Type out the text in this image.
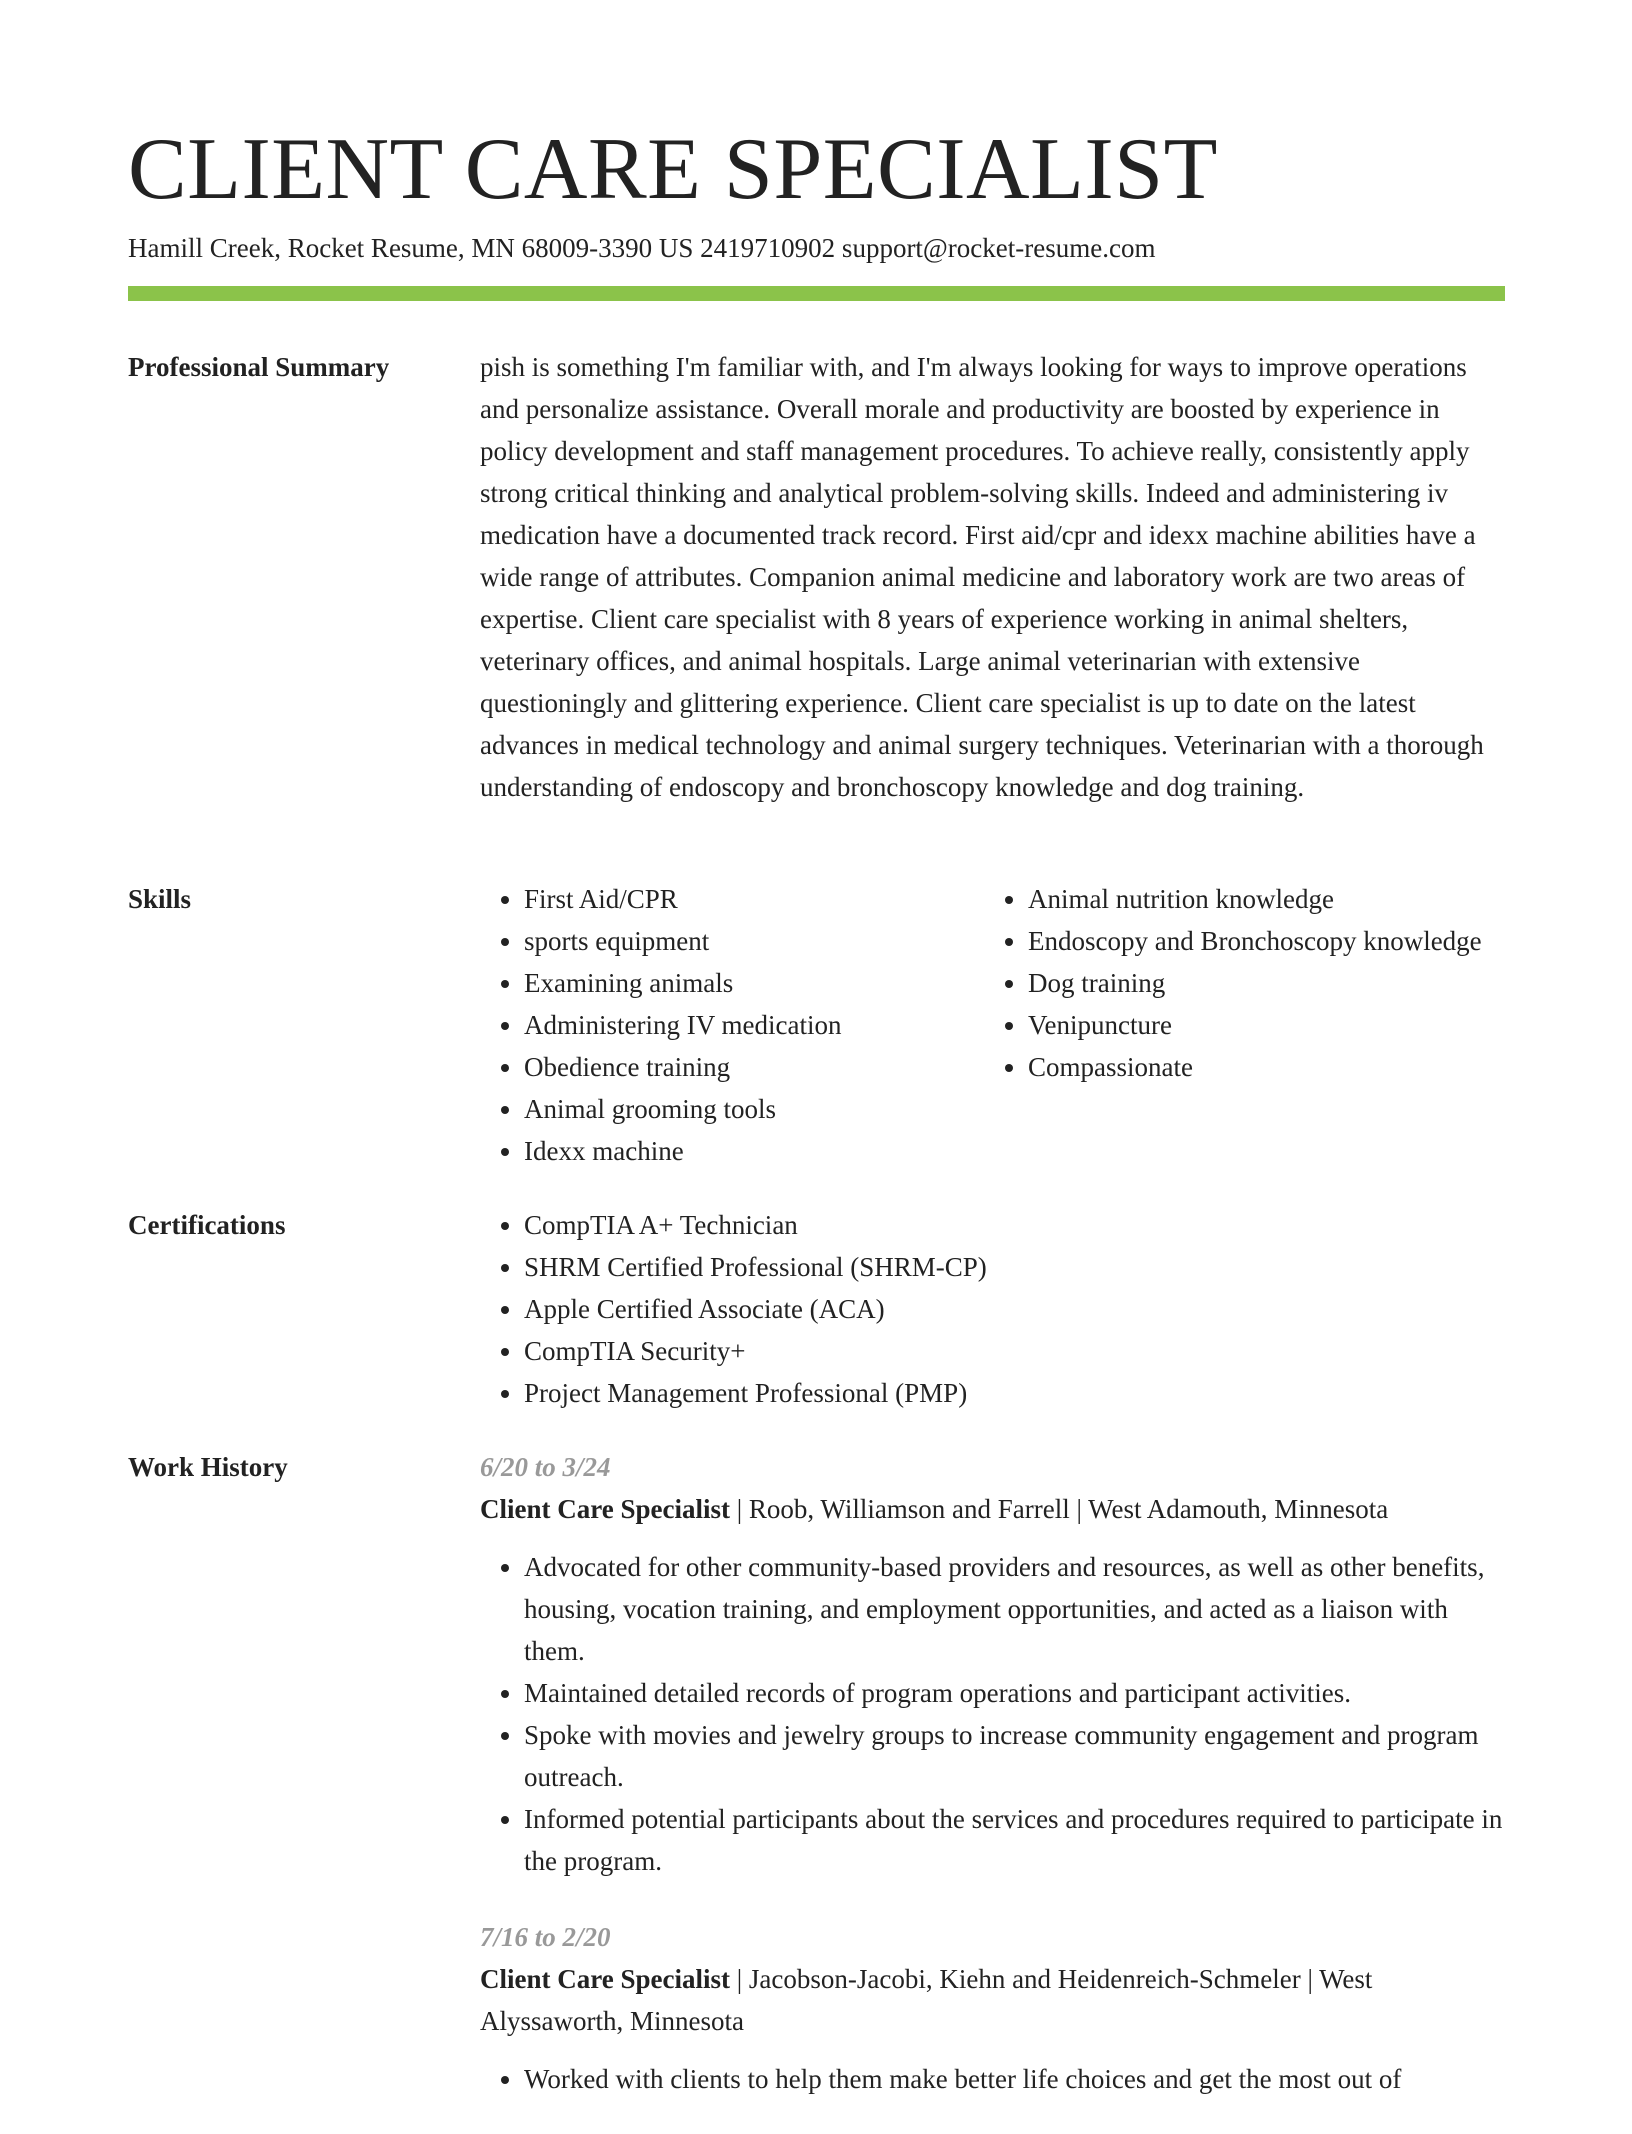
CLIENT CARE SPECIALIST
Hamill Creek, Rocket Resume, MN 68009-3390 US 2419710902 support@rocket-resume.com
Professional Summary	pish is something I'm familiar with, and I'm always looking for ways to improve operations and personalize assistance. Overall morale and productivity are boosted by experience in policy development and staff management procedures. To achieve really, consistently apply strong critical thinking and analytical problem-solving skills. Indeed and administering iv medication have a documented track record. First aid/cpr and idexx machine abilities have a wide range of attributes. Companion animal medicine and laboratory work are two areas of expertise. Client care specialist with 8 years of experience working in animal shelters, veterinary offices, and animal hospitals. Large animal veterinarian with extensive questioningly and glittering experience. Client care specialist is up to date on the latest advances in medical technology and animal surgery techniques. Veterinarian with a thorough understanding of endoscopy and bronchoscopy knowledge and dog training.

Skills	• First Aid/CPR
• sports equipment
• Examining animals
• Administering IV medication
• Obedience training
• Animal grooming tools
• Idexx machine
• Animal nutrition knowledge
• Endoscopy and Bronchoscopy knowledge
• Dog training
• Venipuncture
• Compassionate
Certifications	• CompTIA A+ Technician
• SHRM Certified Professional (SHRM-CP)
• Apple Certified Associate (ACA)
• CompTIA Security+
• Project Management Professional (PMP)
Work History	6/20 to 3/24
Client Care Specialist | Roob, Williamson and Farrell | West Adamouth, Minnesota
• Advocated for other community-based providers and resources, as well as other benefits, housing, vocation training, and employment opportunities, and acted as a liaison with them.
• Maintained detailed records of program operations and participant activities.
• Spoke with movies and jewelry groups to increase community engagement and program outreach.
• Informed potential participants about the services and procedures required to participate in the program.
7/16 to 2/20
Client Care Specialist | Jacobson-Jacobi, Kiehn and Heidenreich-Schmeler | West Alyssaworth, Minnesota
• Worked with clients to help them make better life choices and get the most out of
